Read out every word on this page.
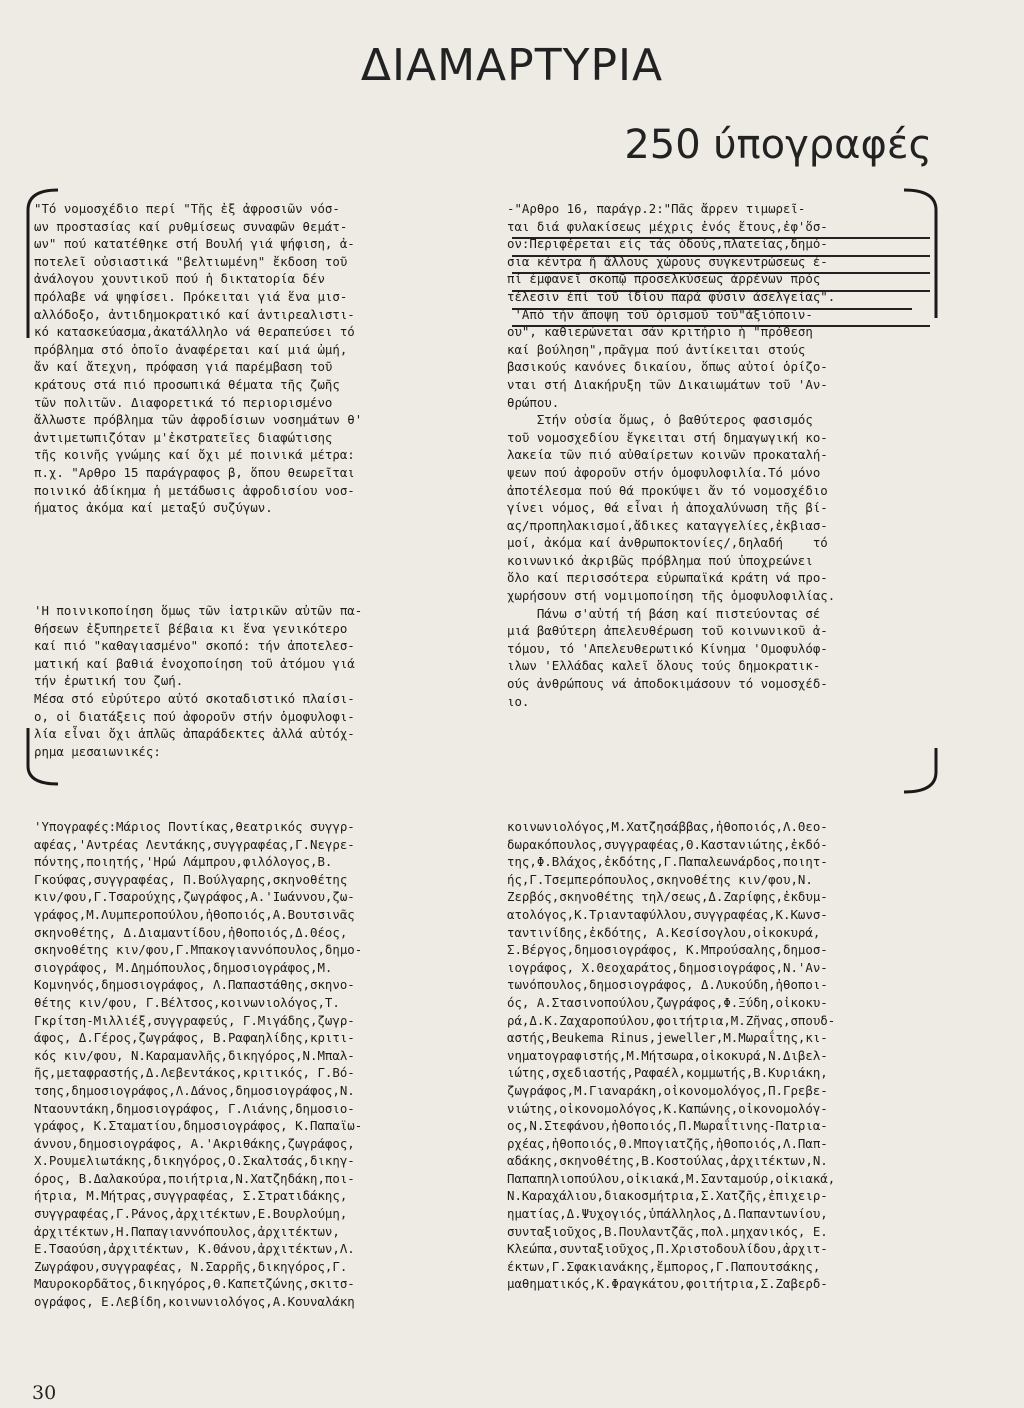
ΔΙΑΜΑΡΤΥΡΙΑ
250 ύπογραφές
"Τό νομοσχέδιο περί "Τῆς ἐξ ἀφροσιῶν νόσ-
ων προστασίας καί ρυθμίσεως συναφῶν θεμάτ-
ων" πού κατατέθηκε στή Βουλή γιά ψήφιση, ἀ-
ποτελεῖ οὐσιαστικά "βελτιωμένη" ἔκδοση τοῦ
ἀνάλογου χουντικοῦ πού ἡ δικτατορία δέν
πρόλαβε νά ψηφίσει. Πρόκειται γιά ἕνα μισ-
αλλόδοξο, ἀντιδημοκρατικό καί ἀντιρεαλιστι-
κό κατασκεύασμα,ἀκατάλληλο νά θεραπεύσει τό
πρόβλημα στό ὁποῖο ἀναφέρεται καί μιά ὠμή,
ἄν καί ἄτεχνη, πρόφαση γιά παρέμβαση τοῦ
κράτους στά πιό προσωπικά θέματα τῆς ζωῆς
τῶν πολιτῶν. Διαφορετικά τό περιορισμένο
ἄλλωστε πρόβλημα τῶν ἀφροδίσιων νοσημάτων θ'
ἀντιμετωπιζόταν μ'ἐκστρατεῖες διαφώτισης
τῆς κοινῆς γνώμης καί ὄχι μέ ποινικά μέτρα:
π.χ. "Αρθρο 15 παράγραφος β, ὅπου θεωρεῖται
ποινικό ἀδίκημα ἡ μετάδωσις ἀφροδισίου νοσ-
ήματος ἀκόμα καί μεταξύ συζύγων.
'Η ποινικοποίηση ὅμως τῶν ἰατρικῶν αὐτῶν πα-
θήσεων ἐξυπηρετεῖ βέβαια κι ἕνα γενικότερο
καί πιό "καθαγιασμένο" σκοπό: τήν ἀποτελεσ-
ματική καί βαθιά ἐνοχοποίηση τοῦ ἀτόμου γιά
τήν ἐρωτική του ζωή.
Μέσα στό εὐρύτερο αὐτό σκοταδιστικό πλαίσι-
ο, οἱ διατάξεις πού ἀφοροῦν στήν ὁμοφυλοφι-
λία εἶναι ὄχι ἁπλῶς ἀπαράδεκτες ἀλλά αὐτόχ-
ρημα μεσαιωνικές:
-"Αρθρο 16, παράγρ.2:"Πᾶς ἄρρεν τιμωρεῖ-
ται διά φυλακίσεως μέχρις ἑνός ἔτους,ἐφ'ὅσ-
ον:Περιφέρεται εἰς τάς ὁδούς,πλατείας,δημό-
σια κέντρα ἤ ἄλλους χώρους συγκεντρώσεως ἐ-
πί ἐμφανεῖ σκοπῷ προσελκύσεως ἀρρένων πρός
τέλεσιν ἐπί τοῦ ἰδίου παρά φύσιν ἀσελγείας".
'Από τήν ἄποψη τοῦ ὁρισμοῦ τοῦ"ἀξιόποιν-
ου", καθιερώνεται σάν κριτήριο ἡ "πρόθεση
καί βούληση",πρᾶγμα πού ἀντίκειται στούς
βασικούς κανόνες δικαίου, ὅπως αὐτοί ὁρίζο-
νται στή Διακήρυξη τῶν Δικαιωμάτων τοῦ 'Αν-
θρώπου.
Στήν οὐσία ὅμως, ὁ βαθύτερος φασισμός
τοῦ νομοσχεδίου ἔγκειται στή δημαγωγική κο-
λακεία τῶν πιό αὐθαίρετων κοινῶν προκαταλή-
ψεων πού ἀφοροῦν στήν ὁμοφυλοφιλία.Τό μόνο
ἀποτέλεσμα πού θά προκύψει ἄν τό νομοσχέδιο
γίνει νόμος, θά εἶναι ἡ ἀποχαλύνωση τῆς βί-
ας/προπηλακισμοί,ἄδικες καταγγελίες,ἐκβιασ-
μοί, ἀκόμα καί ἀνθρωποκτονίες/,δηλαδή    τό
κοινωνικό ἀκριβῶς πρόβλημα πού ὑποχρεώνει
ὅλο καί περισσότερα εὐρωπαϊκά κράτη νά προ-
χωρήσουν στή νομιμοποίηση τῆς ὁμοφυλοφιλίας.
Πάνω σ'αὐτή τή βάση καί πιστεύοντας σέ
μιά βαθύτερη ἀπελευθέρωση τοῦ κοινωνικοῦ ἀ-
τόμου, τό 'Απελευθερωτικό Κίνημα 'Ομοφυλόφ-
ιλων 'Ελλάδας καλεῖ ὅλους τούς δημοκρατικ-
ούς ἀνθρώπους νά ἀποδοκιμάσουν τό νομοσχέδ-
ιο.
'Υπογραφές:Μάριος Ποντίκας,θεατρικός συγγρ-
αφέας,'Αντρέας Λεντάκης,συγγραφέας,Γ.Νεγρε-
πόντης,ποιητής,'Ηρώ Λάμπρου,φιλόλογος,Β.
Γκούφας,συγγραφέας, Π.Βούλγαρης,σκηνοθέτης
κιν/φου,Γ.Τσαρούχης,ζωγράφος,Α.'Ιωάννου,ζω-
γράφος,Μ.Λυμπεροπούλου,ἠθοποιός,Α.Βουτσινᾶς
σκηνοθέτης, Δ.Διαμαντίδου,ἠθοποιός,Δ.Θέος,
σκηνοθέτης κιν/φου,Γ.Μπακογιαννόπουλος,δημο-
σιογράφος, Μ.Δημόπουλος,δημοσιογράφος,Μ.
Κομνηνός,δημοσιογράφος, Λ.Παπαστάθης,σκηνο-
θέτης κιν/φου, Γ.Βέλτσος,κοινωνιολόγος,Τ.
Γκρίτση-Μιλλιέξ,συγγραφεύς, Γ.Μιγάδης,ζωγρ-
άφος, Δ.Γέρος,ζωγράφος, Β.Ραφαηλίδης,κριτι-
κός κιν/φου, Ν.Καραμανλῆς,δικηγόρος,Ν.Μπαλ-
ῆς,μεταφραστής,Δ.Λεβεντάκος,κριτικός, Γ.Βό-
τσης,δημοσιογράφος,Λ.Δάνος,δημοσιογράφος,Ν.
Νταουντάκη,δημοσιογράφος, Γ.Λιάνης,δημοσιο-
γράφος, Κ.Σταματίου,δημοσιογράφος, Κ.Παπαϊω-
άννου,δημοσιογράφος, Α.'Ακριθάκης,ζωγράφος,
Χ.Ρουμελιωτάκης,δικηγόρος,Ο.Σκαλτσάς,δικηγ-
όρος, Β.Δαλακούρα,ποιήτρια,Ν.Χατζηδάκη,ποι-
ήτρια, Μ.Μήτρας,συγγραφέας, Σ.Στρατιδάκης,
συγγραφέας,Γ.Ράνος,ἀρχιτέκτων,Ε.Βουρλούμη,
ἀρχιτέκτων,Η.Παπαγιαννόπουλος,ἀρχιτέκτων,
Ε.Τσαούση,ἀρχιτέκτων, Κ.Θάνου,ἀρχιτέκτων,Λ.
Ζωγράφου,συγγραφέας, Ν.Σαρρῆς,δικηγόρος,Γ.
Μαυροκορδᾶτος,δικηγόρος,Θ.Καπετζώνης,σκιτσ-
ογράφος, Ε.Λεβίδη,κοινωνιολόγος,Α.Κουναλάκη
κοινωνιολόγος,Μ.Χατζησάββας,ἠθοποιός,Λ.Θεο-
δωρακόπουλος,συγγραφέας,Θ.Καστανιώτης,ἐκδό-
της,Φ.Βλάχος,ἐκδότης,Γ.Παπαλεωνάρδος,ποιητ-
ής,Γ.Τσεμπερόπουλος,σκηνοθέτης κιν/φου,Ν.
Ζερβός,σκηνοθέτης τηλ/σεως,Δ.Ζαρίφης,ἐκδυμ-
ατολόγος,Κ.Τριανταφύλλου,συγγραφέας,Κ.Κωνσ-
ταντινίδης,ἐκδότης, Α.Κεσίσογλου,οἰκοκυρά,
Σ.Βέργος,δημοσιογράφος, Κ.Μπρούσαλης,δημοσ-
ιογράφος, Χ.Θεοχαράτος,δημοσιογράφος,Ν.'Αν-
τωνόπουλος,δημοσιογράφος, Δ.Λυκούδη,ἠθοποι-
ός, Α.Στασινοπούλου,ζωγράφος,Φ.Ξύδη,οἰκοκυ-
ρά,Δ.Κ.Ζαχαροπούλου,φοιτήτρια,Μ.Ζῆνας,σπουδ-
αστής,Beukema Rinus,jeweller,Μ.Μωραΐτης,κι-
νηματογραφιστής,Μ.Μήτσωρα,οἰκοκυρά,Ν.Διβελ-
ιώτης,σχεδιαστής,Ραφαέλ,κομμωτής,Β.Κυριάκη,
ζωγράφος,Μ.Γιαναράκη,οἰκονομολόγος,Π.Γρεβε-
νιώτης,οἰκονομολόγος,Κ.Καπώνης,οἰκονομολόγ-
ος,Ν.Στεφάνου,ἠθοποιός,Π.Μωραΐτινης-Πατρια-
ρχέας,ἠθοποιός,Θ.Μπογιατζῆς,ἠθοποιός,Λ.Παπ-
αδάκης,σκηνοθέτης,Β.Κοστούλας,ἀρχιτέκτων,Ν.
Παπαπηλιοπούλου,οἰκιακά,Μ.Σανταμούρ,οἰκιακά,
Ν.Καραχάλιου,διακοσμήτρια,Σ.Χατζῆς,ἐπιχειρ-
ηματίας,Δ.Ψυχογιός,ὑπάλληλος,Δ.Παπαντωνίου,
συνταξιοῦχος,Β.Πουλαντζᾶς,πολ.μηχανικός, Ε.
Κλεώπα,συνταξιοῦχος,Π.Χριστοδουλίδου,ἀρχιτ-
έκτων,Γ.Σφακιανάκης,ἔμπορος,Γ.Παπουτσάκης,
μαθηματικός,Κ.Φραγκάτου,φοιτήτρια,Σ.Ζαβερδ-
30
